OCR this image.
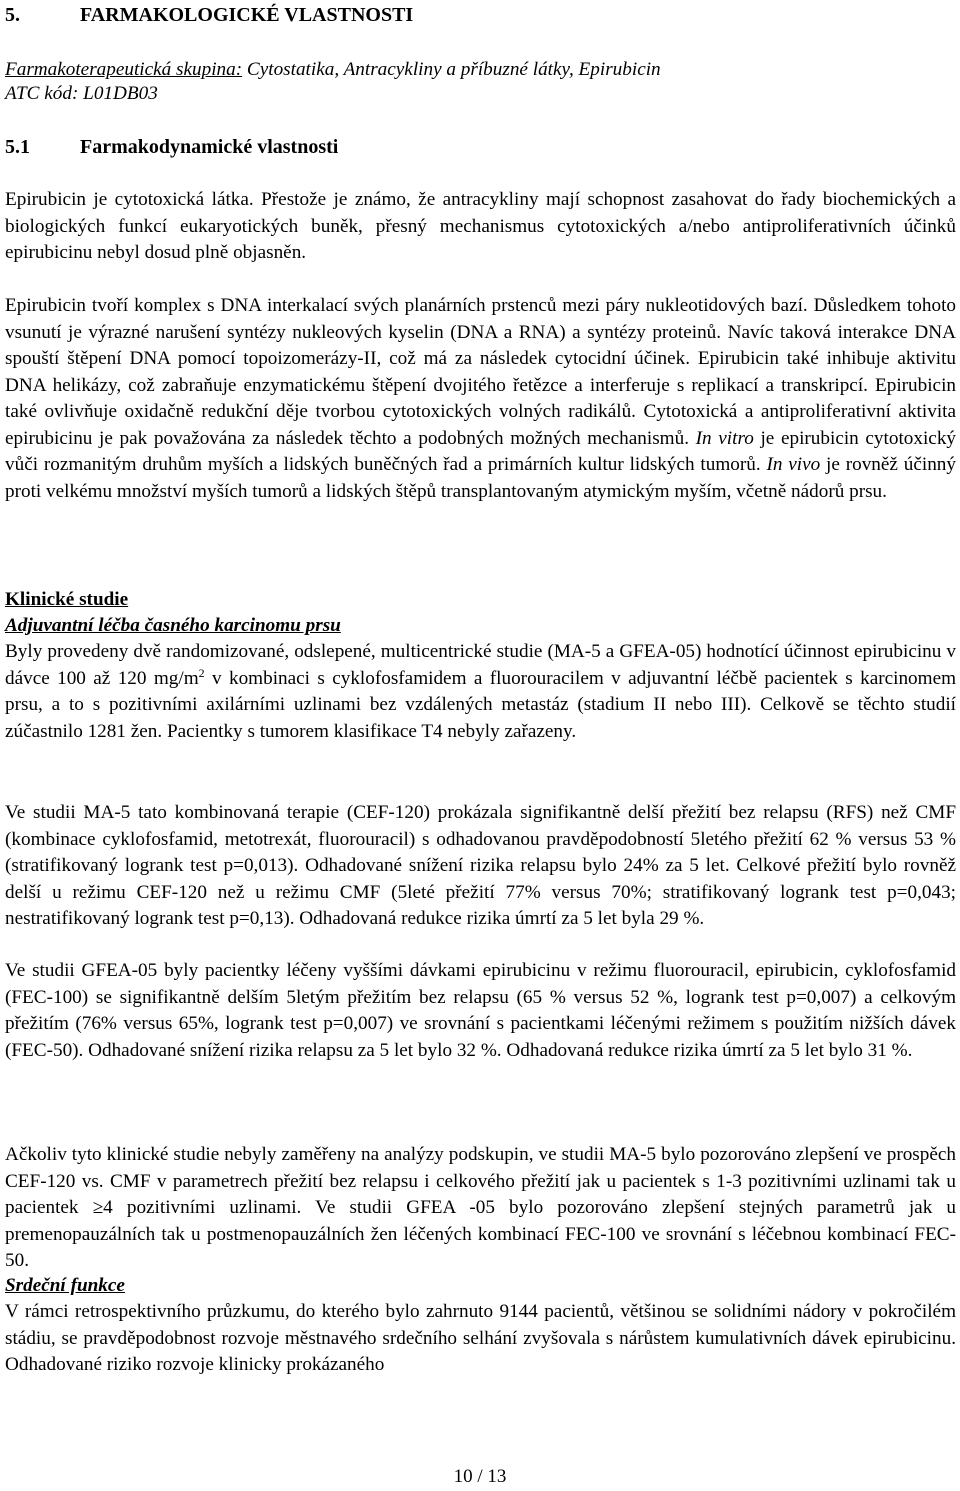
5.	FARMAKOLOGICKÉ VLASTNOSTI
Farmakoterapeutická skupina: Cytostatika, Antracykliny a příbuzné látky, Epirubicin
ATC kód: L01DB03
5.1	Farmakodynamické vlastnosti

Epirubicin je cytotoxická látka. Přestože je známo, že antracykliny mají schopnost zasahovat do řady biochemických a biologických funkcí eukaryotických buněk, přesný mechanismus cytotoxických a/nebo antiproliferativních účinků epirubicinu nebyl dosud plně objasněn.

Epirubicin tvoří komplex s DNA interkalací svých planárních prstenců mezi páry nukleotidových bazí. Důsledkem tohoto vsunutí je výrazné narušení syntézy nukleových kyselin (DNA a RNA) a syntézy proteinů. Navíc taková interakce DNA spouští štěpení DNA pomocí topoizomerázy-II, což má za následek cytocidní účinek. Epirubicin také inhibuje aktivitu DNA helikázy, což zabraňuje enzymatickému štěpení dvojitého řetězce a interferuje s replikací a transkripcí. Epirubicin také ovlivňuje oxidačně redukční děje tvorbou cytotoxických volných radikálů. Cytotoxická a antiproliferativní aktivita epirubicinu je pak považována za následek těchto a podobných možných mechanismů. In vitro je epirubicin cytotoxický vůči rozmanitým druhům myších a lidských buněčných řad a primárních kultur lidských tumorů. In vivo je rovněž účinný proti velkému množství myších tumorů a lidských štěpů transplantovaným atymickým myším, včetně nádorů prsu.

Klinické studie
Adjuvantní léčba časného karcinomu prsu

Byly provedeny dvě randomizované, odslepené, multicentrické studie (MA-5 a GFEA-05) hodnotící účinnost epirubicinu v dávce 100 až 120 $mg/m^2$ v kombinaci s cyklofosfamidem a fluorouracilem v adjuvantní léčbě pacientek s karcinomem prsu, a to s pozitivními axilárními uzlinami bez vzdálených metastáz (stadium II nebo III). Celkově se těchto studií zúčastnilo 1281 žen. Pacientky s tumorem klasifikace T4 nebyly zařazeny.

Ve studii MA-5 tato kombinovaná terapie (CEF-120) prokázala signifikantně delší přežití bez relapsu (RFS) než CMF (kombinace cyklofosfamid, metotrexát, fluorouracil) s odhadovanou pravděpodobností 5letého přežití 62 % versus 53 % (stratifikovaný logrank test p=0,013). Odhadované snížení rizika relapsu bylo 24% za 5 let. Celkové přežití bylo rovněž delší u režimu CEF-120 než u režimu CMF (5leté přežití 77% versus 70%; stratifikovaný logrank test p=0,043; nestratifikovaný logrank test p=0,13). Odhadovaná redukce rizika úmrtí za 5 let byla 29 %.

Ve studii GFEA-05 byly pacientky léčeny vyššími dávkami epirubicinu v režimu fluorouracil, epirubicin, cyklofosfamid (FEC-100) se signifikantně delším 5letým přežitím bez relapsu (65 % versus 52 %, logrank test p=0,007) a celkovým přežitím (76% versus 65%, logrank test p=0,007) ve srovnání s pacientkami léčenými režimem s použitím nižších dávek (FEC-50). Odhadované snížení rizika relapsu za 5 let bylo 32 %. Odhadovaná redukce rizika úmrtí za 5 let bylo 31 %.

Ačkoliv tyto klinické studie nebyly zaměřeny na analýzy podskupin, ve studii MA-5 bylo pozorováno zlepšení ve prospěch CEF-120 vs. CMF v parametrech přežití bez relapsu i celkového přežití jak u pacientek s 1-3 pozitivními uzlinami tak u pacientek ≥4 pozitivními uzlinami. Ve studii GFEA -05 bylo pozorováno zlepšení stejných parametrů jak u premenopauzálních tak u postmenopauzálních žen léčených kombinací FEC-100 ve srovnání s léčebnou kombinací FEC-50.

Srdeční funkce

V rámci retrospektivního průzkumu, do kterého bylo zahrnuto 9144 pacientů, většinou se solidními nádory v pokročilém stádiu, se pravděpodobnost rozvoje městnavého srdečního selhání zvyšovala s nárůstem kumulativních dávek epirubicinu. Odhadované riziko rozvoje klinicky prokázaného

10 / 13
